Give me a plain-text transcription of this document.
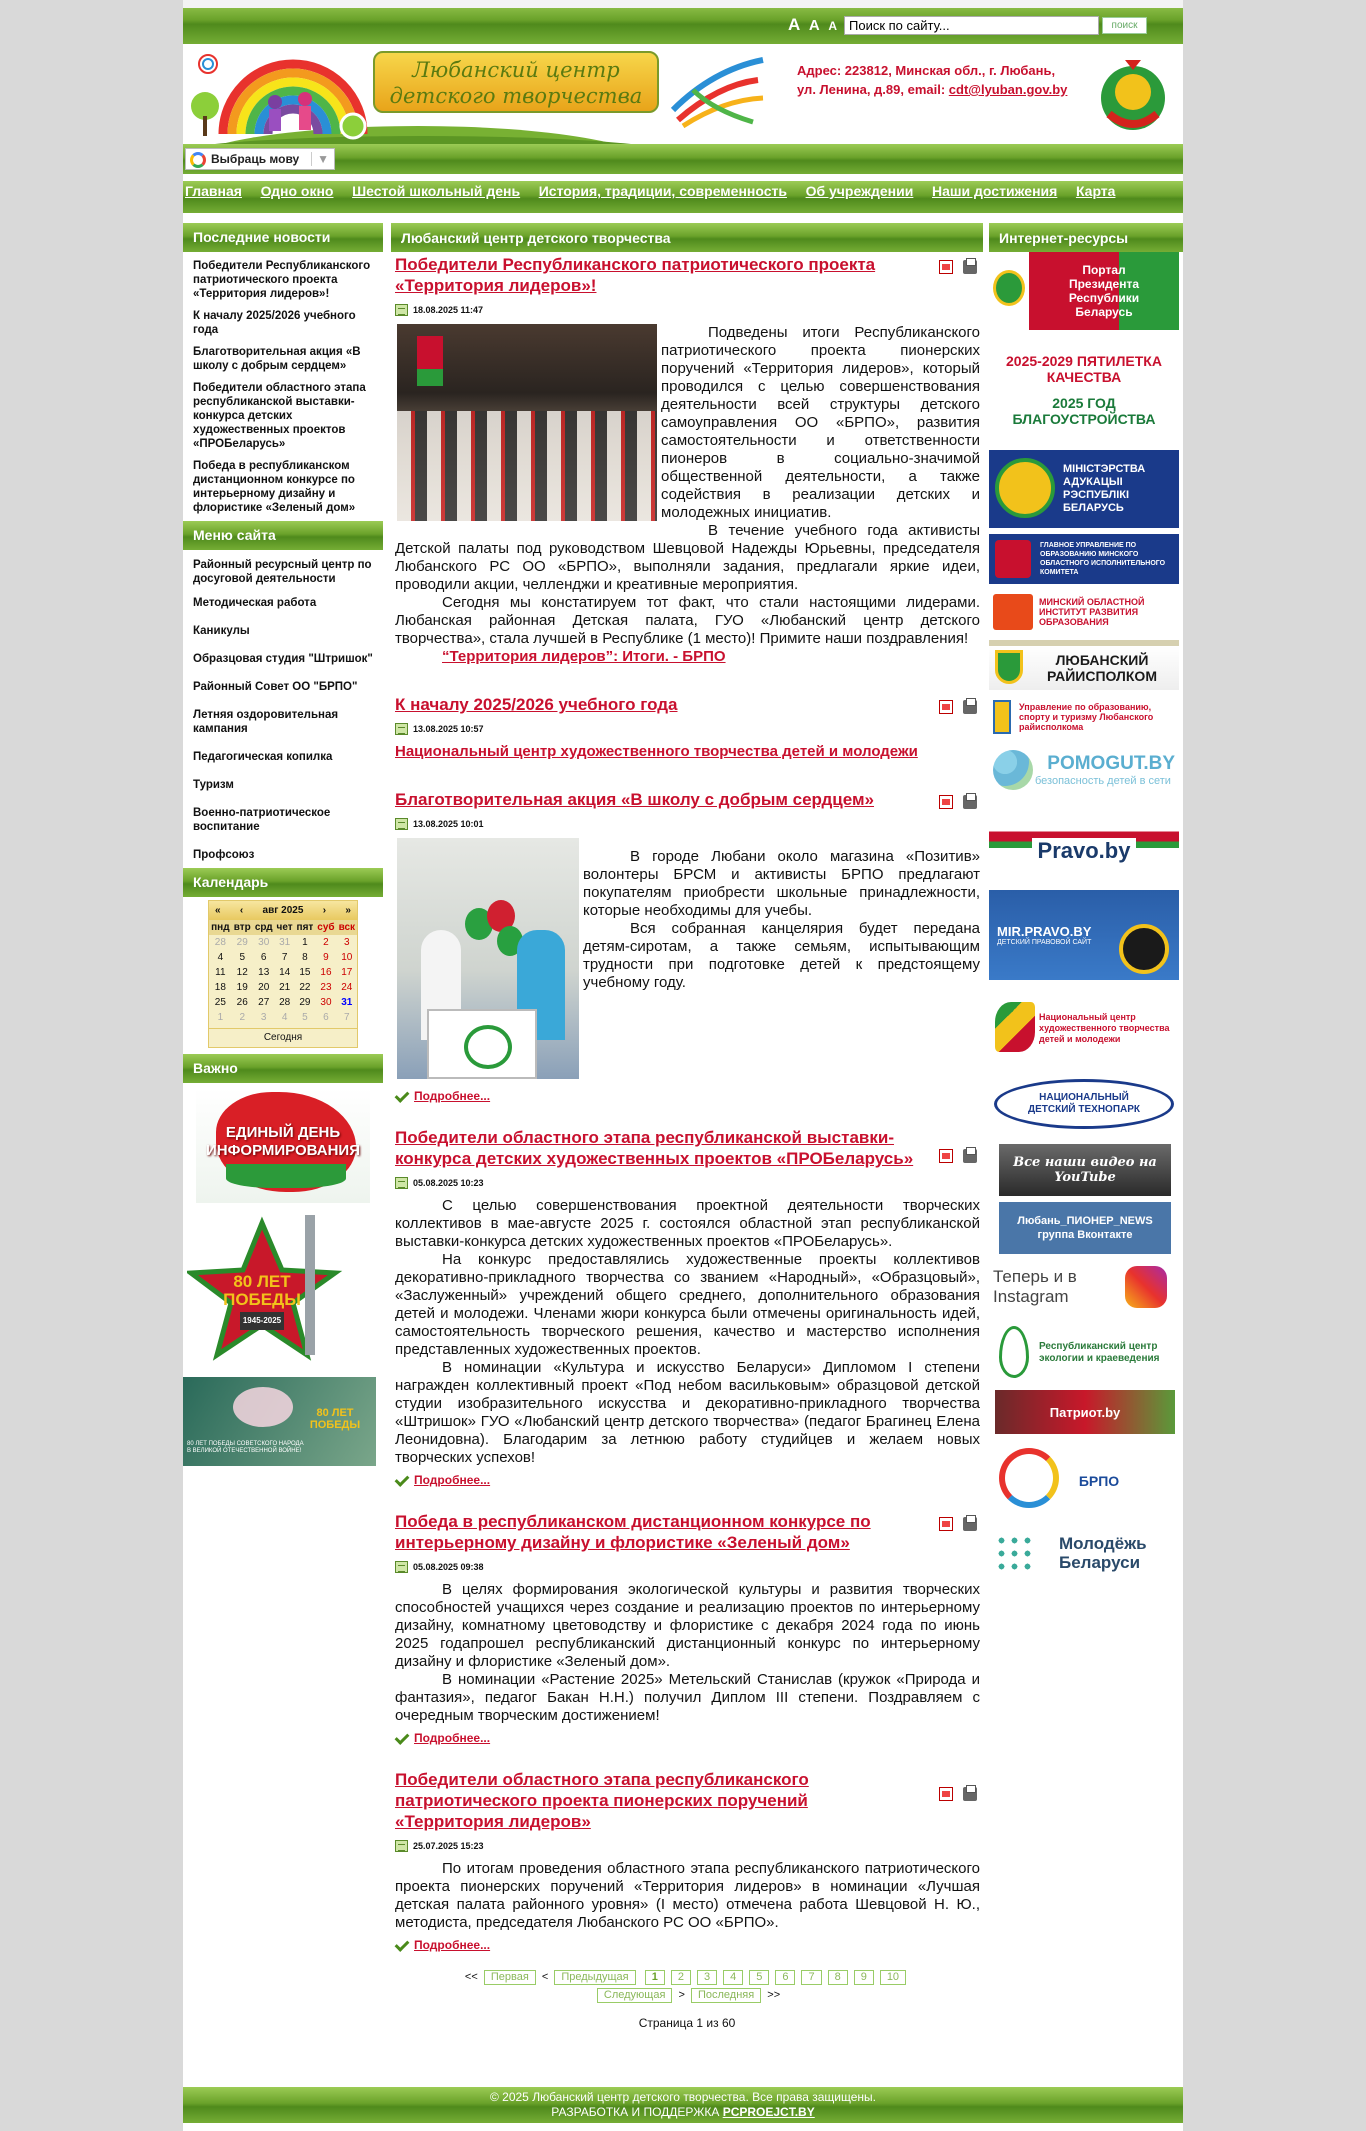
A A A
Поиск по сайту...	поиск
Любанский центр
детского творчества
Адрес: 223812, Минская обл., г. Любань,
ул. Ленина, д.89, email: cdt@lyuban.gov.by
Выбраць мову	▼
Главная Одно окно Шестой школьный день История, традиции, современность Об учреждении Наши достижения Карта
Последние новости
Победители Республиканского патриотического проекта «Территория лидеров»!
К началу 2025/2026 учебного года
Благотворительная акция «В школу с добрым сердцем»
Победители областного этапа республиканской выставки-конкурса детских художественных проектов «ПРОБеларусь»
Победа в республиканском дистанционном конкурсе по интерьерному дизайну и флористике «Зеленый дом»
Меню сайта
Районный ресурсный центр по досуговой деятельности
Методическая работа
Каникулы
Образцовая студия "Штришок"
Районный Совет ОО "БРПО"
Летняя оздоровительная кампания
Педагогическая копилка
Туризм
Военно-патриотическое воспитание
Профсоюз
Календарь
« ‹ авг 2025 › »
пнд	втр	срд	чет	пят	суб	вск
28	29	30	31	1	2	3
4	5	6	7	8	9	10
11	12	13	14	15	16	17
18	19	20	21	22	23	24
25	26	27	28	29	30	31
1	2	3	4	5	6	7
Сегодня
Важно
ЕДИНЫЙ ДЕНЬ
ИНФОРМИРОВАНИЯ
80 ЛЕТ
ПОБЕДЫ
1945-2025
80 ЛЕТ ПОБЕДЫ
80 ЛЕТ ПОБЕДЫ СОВЕТСКОГО НАРОДА В ВЕЛИКОЙ ОТЕЧЕСТВЕННОЙ ВОЙНЕ!
Любанский центр детского творчества	Интернет-ресурсы
Победители Республиканского патриотического проекта «Территория лидеров»!
18.08.2025 11:47

Подведены итоги Республиканского патриотического проекта пионерских поручений «Территория лидеров», который проводился с целью совершенствования деятельности всей структуры детского самоуправления ОО «БРПО», развития самостоятельности и ответственности пионеров в социально-значимой общественной деятельности, а также содействия в реализации детских и молодежных инициатив.

В течение учебного года активисты Детской палаты под руководством Шевцовой Надежды Юрьевны, председателя Любанского РС ОО «БРПО», выполняли задания, предлагали яркие идеи, проводили акции, челленджи и креативные мероприятия.

Сегодня мы констатируем тот факт, что стали настоящими лидерами. Любанская районная Детская палата, ГУО «Любанский центр детского творчества», стала лучшей в Республике (1 место)! Примите наши поздравления!

“Территория лидеров”: Итоги. - БРПО

К началу 2025/2026 учебного года
13.08.2025 10:57
Национальный центр художественного творчества детей и молодежи
Благотворительная акция «В школу с добрым сердцем»
13.08.2025 10:01

В городе Любани около магазина «Позитив» волонтеры БРСМ и активисты БРПО предлагают покупателям приобрести школьные принадлежности, которые необходимы для учебы.

Вся собранная канцелярия будет передана детям-сиротам, а также семьям, испытывающим трудности при подготовке детей к предстоящему учебному году.

Подробнее...
Победители областного этапа республиканской выставки-конкурса детских художественных проектов «ПРОБеларусь»
05.08.2025 10:23

С целью совершенствования проектной деятельности творческих коллективов в мае-августе 2025 г. состоялся областной этап республиканской выставки-конкурса детских художественных проектов «ПРОБеларусь».

На конкурс предоставлялись художественные проекты коллективов декоративно-прикладного творчества со званием «Народный», «Образцовый», «Заслуженный» учреждений общего среднего, дополнительного образования детей и молодежи. Членами жюри конкурса были отмечены оригинальность идей, самостоятельность творческого решения, качество и мастерство исполнения представленных художественных проектов.

В номинации «Культура и искусство Беларуси» Дипломом I степени награжден коллективный проект «Под небом васильковым» образцовой детской студии изобразительного искусства и декоративно-прикладного творчества «Штришок» ГУО «Любанский центр детского творчества» (педагог Брагинец Елена Леонидовна). Благодарим за летнюю работу студийцев и желаем новых творческих успехов!

Подробнее...
Победа в республиканском дистанционном конкурсе по интерьерному дизайну и флористике «Зеленый дом»
05.08.2025 09:38

В целях формирования экологической культуры и развития творческих способностей учащихся через создание и реализацию проектов по интерьерному дизайну, комнатному цветоводству и флористике с декабря 2024 года по июнь 2025 годапрошел республиканский дистанционный конкурс по интерьерному дизайну и флористике «Зеленый дом».

В номинации «Растение 2025» Метельский Станислав (кружок «Природа и фантазия», педагог Бакан Н.Н.) получил Диплом III степени. Поздравляем с очередным творческим достижением!

Подробнее...
Победители областного этапа республиканского патриотического проекта пионерских поручений «Территория лидеров»
25.07.2025 15:23

По итогам проведения областного этапа республиканского патриотического проекта пионерских поручений «Территория лидеров» в номинации «Лучшая детская палата районного уровня» (I место) отмечена работа Шевцовой Н. Ю., методиста, председателя Любанского РС ОО «БРПО».

Подробнее...
<< Первая < Предыдущая 1 2 3 4 5 6 7 8 9 10
Следующая > Последняя >>
Страница 1 из 60
Портал Президента Республики Беларусь
2025-2029 ПЯТИЛЕТКА КАЧЕСТВА
2025 ГОД БЛАГОУСТРОЙСТВА
МІНІСТЭРСТВА АДУКАЦЫІ РЭСПУБЛІКІ БЕЛАРУСЬ
ГЛАВНОЕ УПРАВЛЕНИЕ ПО ОБРАЗОВАНИЮ МИНСКОГО ОБЛАСТНОГО ИСПОЛНИТЕЛЬНОГО КОМИТЕТА
МИНСКИЙ ОБЛАСТНОЙ ИНСТИТУТ РАЗВИТИЯ ОБРАЗОВАНИЯ
ЛЮБАНСКИЙ РАЙИСПОЛКОМ
Управление по образованию, спорту и туризму Любанского райисполкома
POMOGUT.BY
безопасность детей в сети
Pravo.by
MIR.PRAVO.BY
ДЕТСКИЙ ПРАВОВОЙ САЙТ
Национальный центр художественного творчества детей и молодежи
НАЦИОНАЛЬНЫЙ ДЕТСКИЙ ТЕХНОПАРК
Все наши видео на YouTube
Любань_ПИОНЕР_NEWS группа Вконтакте
Теперь и в Instagram
Республиканский центр экологии и краеведения
Патриот.by
БРПО
Молодёжь Беларуси
© 2025 Любанский центр детского творчества. Все права защищены.
РАЗРАБОТКА И ПОДДЕРЖКА PCPROEJCT.BY
